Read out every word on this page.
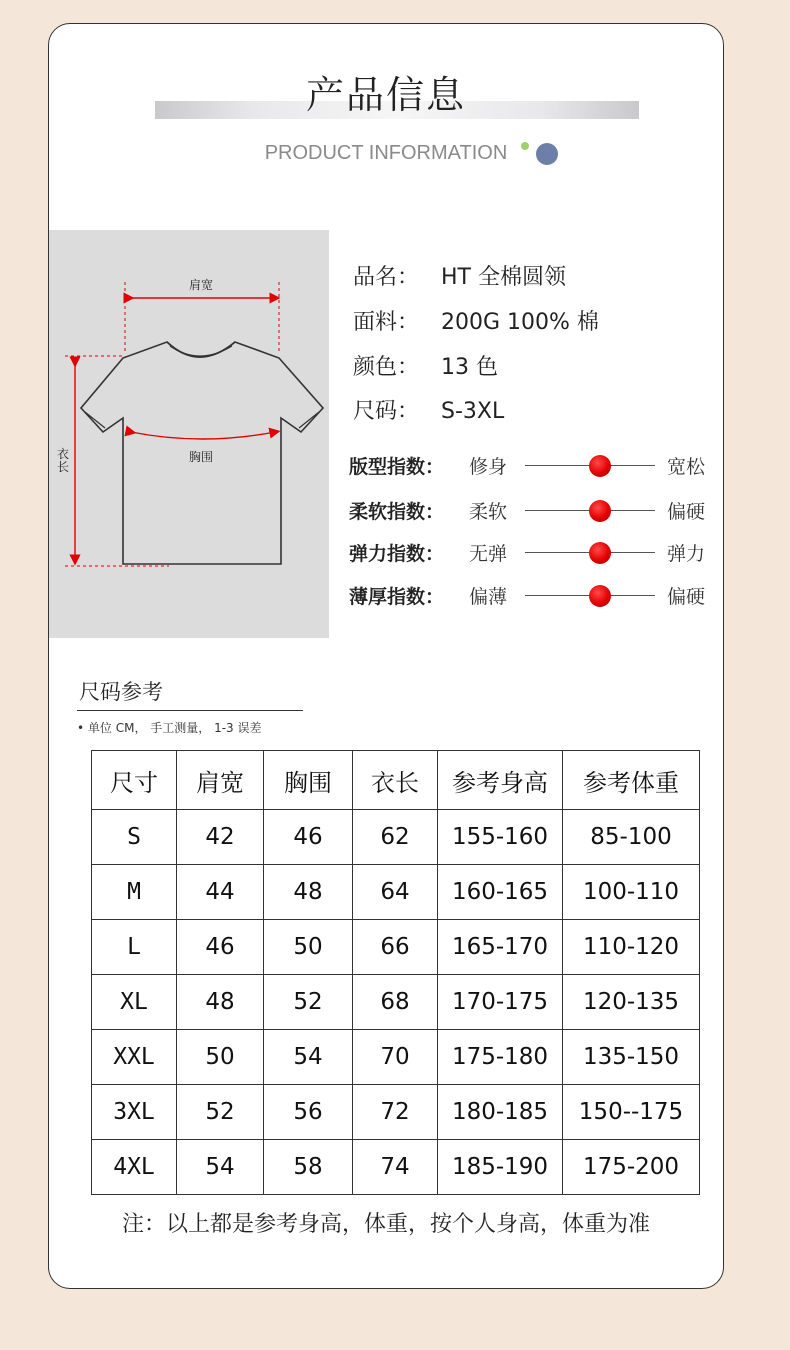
产品信息
PRODUCT INFORMATION
肩宽
胸围
衣长
品名： HT 全棉圆领
面料： 200G 100% 棉
颜色： 13 色
尺码： S-3XL
版型指数： 修身	宽松
柔软指数： 柔软	偏硬
弹力指数： 无弹	弹力
薄厚指数： 偏薄	偏硬
尺码参考
• 单位 CM， 手工测量， 1-3 误差
尺寸	肩宽	胸围	衣长	参考身高	参考体重
S	42	46	62	155-160	85-100
M	44	48	64	160-165	100-110
L	46	50	66	165-170	110-120
XL	48	52	68	170-175	120-135
XXL	50	54	70	175-180	135-150
3XL	52	56	72	180-185	150--175
4XL	54	58	74	185-190	175-200
注：以上都是参考身高，体重，按个人身高，体重为准
